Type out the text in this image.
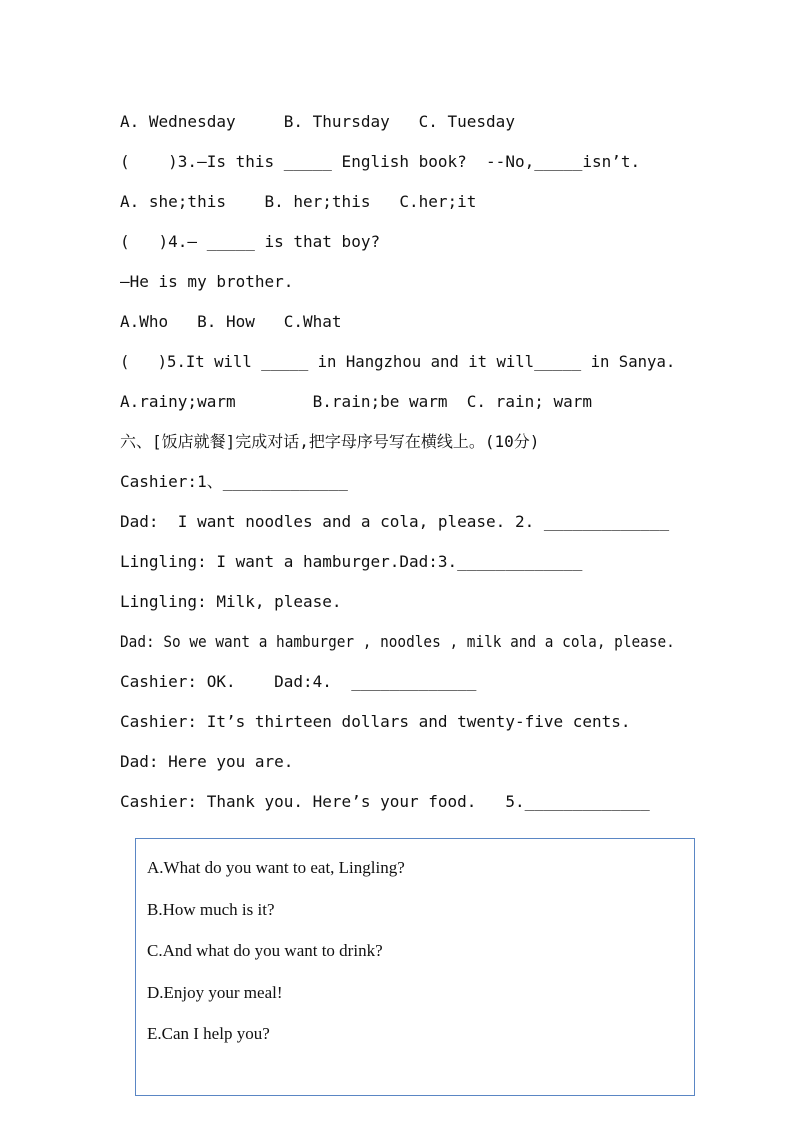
A. Wednesday     B. Thursday   C. Tuesday
(    )3.—Is this _____ English book?  --No,_____isn’t.
A. she;this    B. her;this   C.her;it
(   )4.— _____ is that boy?
—He is my brother.
A.Who   B. How   C.What
(   )5.It will _____ in Hangzhou and it will_____ in Sanya.
A.rainy;warm        B.rain;be warm  C. rain; warm
六、[饭店就餐]完成对话,把字母序号写在横线上。(10分)
Cashier:1、_____________
Dad:  I want noodles and a cola, please. 2. _____________
Lingling: I want a hamburger.Dad:3._____________
Lingling: Milk, please.
Dad: So we want a hamburger , noodles , milk and a cola, please.
Cashier: OK.    Dad:4.  _____________
Cashier: It’s thirteen dollars and twenty-five cents.
Dad: Here you are.
Cashier: Thank you. Here’s your food.   5._____________
A.What do you want to eat, Lingling?
B.How much is it?
C.And what do you want to drink?
D.Enjoy your meal!
E.Can I help you?
